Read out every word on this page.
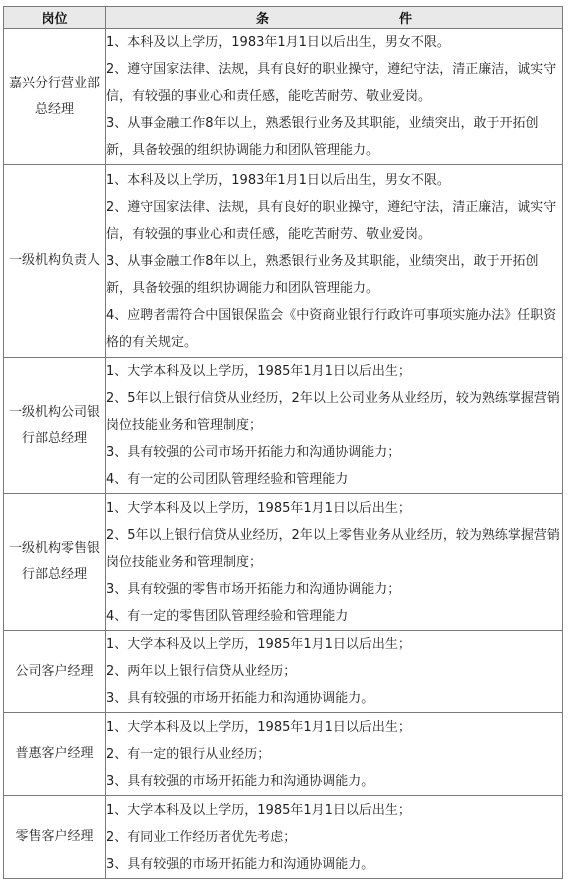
岗位	条 件

嘉兴分行营业部总经理	1、本科及以上学历，1983年1月1日以后出生，男女不限。

2、遵守国家法律、法规，具有良好的职业操守，遵纪守法，清正廉洁，诚实守信，有较强的事业心和责任感，能吃苦耐劳、敬业爱岗。

3、从事金融工作8年以上，熟悉银行业务及其职能，业绩突出，敢于开拓创新，具备较强的组织协调能力和团队管理能力。

一级机构负责人	1、本科及以上学历，1983年1月1日以后出生，男女不限。

2、遵守国家法律、法规，具有良好的职业操守，遵纪守法，清正廉洁，诚实守信，有较强的事业心和责任感，能吃苦耐劳、敬业爱岗。

3、从事金融工作8年以上，熟悉银行业务及其职能，业绩突出，敢于开拓创新，具备较强的组织协调能力和团队管理能力。

4、应聘者需符合中国银保监会《中资商业银行行政许可事项实施办法》任职资格的有关规定。

一级机构公司银行部总经理	1、大学本科及以上学历，1985年1月1日以后出生；

2、5年以上银行信贷从业经历，2年以上公司业务从业经历，较为熟练掌握营销岗位技能业务和管理制度；

3、具有较强的公司市场开拓能力和沟通协调能力；

4、有一定的公司团队管理经验和管理能力

一级机构零售银行部总经理	1、大学本科及以上学历，1985年1月1日以后出生；

2、5年以上银行信贷从业经历，2年以上零售业务从业经历，较为熟练掌握营销岗位技能业务和管理制度；

3、具有较强的零售市场开拓能力和沟通协调能力；

4、有一定的零售团队管理经验和管理能力

公司客户经理	1、大学本科及以上学历，1985年1月1日以后出生；

2、两年以上银行信贷从业经历；

3、具有较强的市场开拓能力和沟通协调能力。

普惠客户经理	1、大学本科及以上学历，1985年1月1日以后出生；

2、有一定的银行从业经历；

3、具有较强的市场开拓能力和沟通协调能力。

零售客户经理	1、大学本科及以上学历，1985年1月1日以后出生；

2、有同业工作经历者优先考虑；

3、具有较强的市场开拓能力和沟通协调能力。
